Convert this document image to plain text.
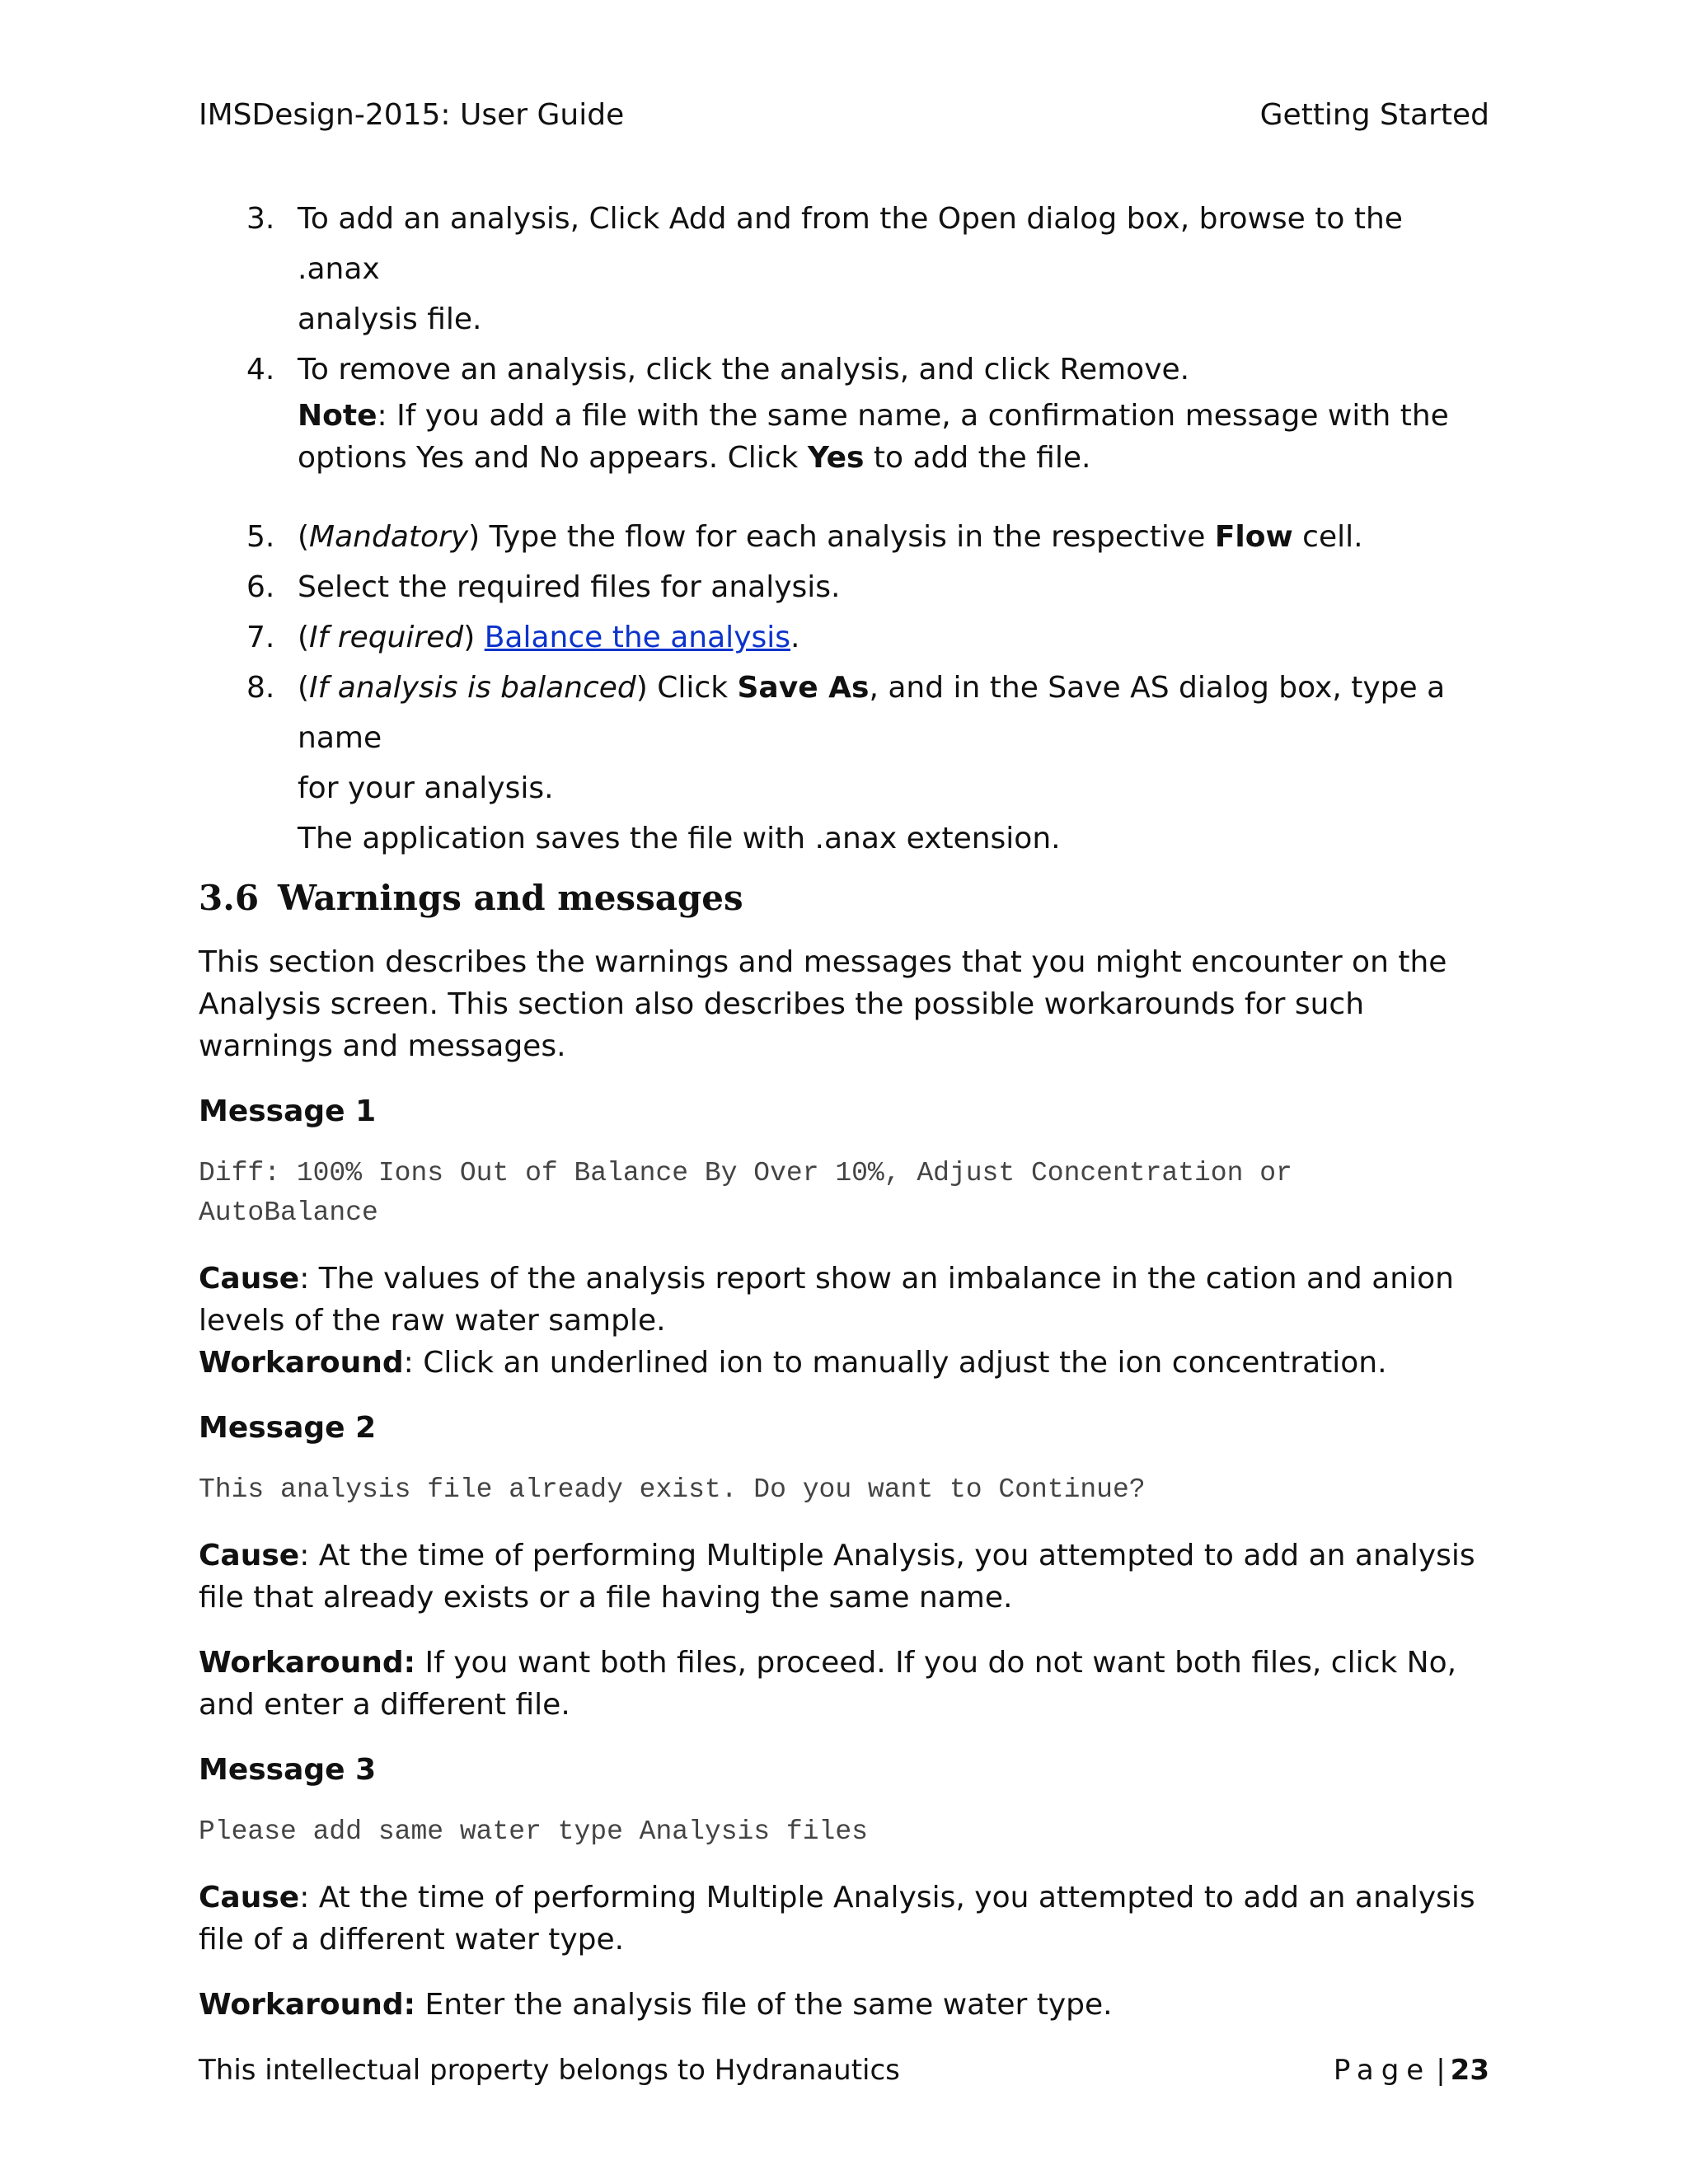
IMSDesign-2015: User Guide	Getting Started
3. To add an analysis, Click Add and from the Open dialog box, browse to the .anax
analysis file.
4. To remove an analysis, click the analysis, and click Remove.
Note: If you add a file with the same name, a confirmation message with the
options Yes and No appears. Click Yes to add the file.
5. (Mandatory) Type the flow for each analysis in the respective Flow cell.
6. Select the required files for analysis.
7. (If required) Balance the analysis.
8. (If analysis is balanced) Click Save As, and in the Save AS dialog box, type a name
for your analysis.
The application saves the file with .anax extension.
3.6 Warnings and messages

This section describes the warnings and messages that you might encounter on the Analysis screen. This section also describes the possible workarounds for such warnings and messages.

Message 1

Diff: 100% Ions Out of Balance By Over 10%, Adjust Concentration or
AutoBalance

Cause: The values of the analysis report show an imbalance in the cation and anion levels of the raw water sample.

Workaround: Click an underlined ion to manually adjust the ion concentration.

Message 2

This analysis file already exist. Do you want to Continue?

Cause: At the time of performing Multiple Analysis, you attempted to add an analysis file that already exists or a file having the same name.

Workaround: If you want both files, proceed. If you do not want both files, click No, and enter a different file.

Message 3

Please add same water type Analysis files

Cause: At the time of performing Multiple Analysis, you attempted to add an analysis file of a different water type.

Workaround: Enter the analysis file of the same water type.

This intellectual property belongs to Hydranautics	Page | 23
